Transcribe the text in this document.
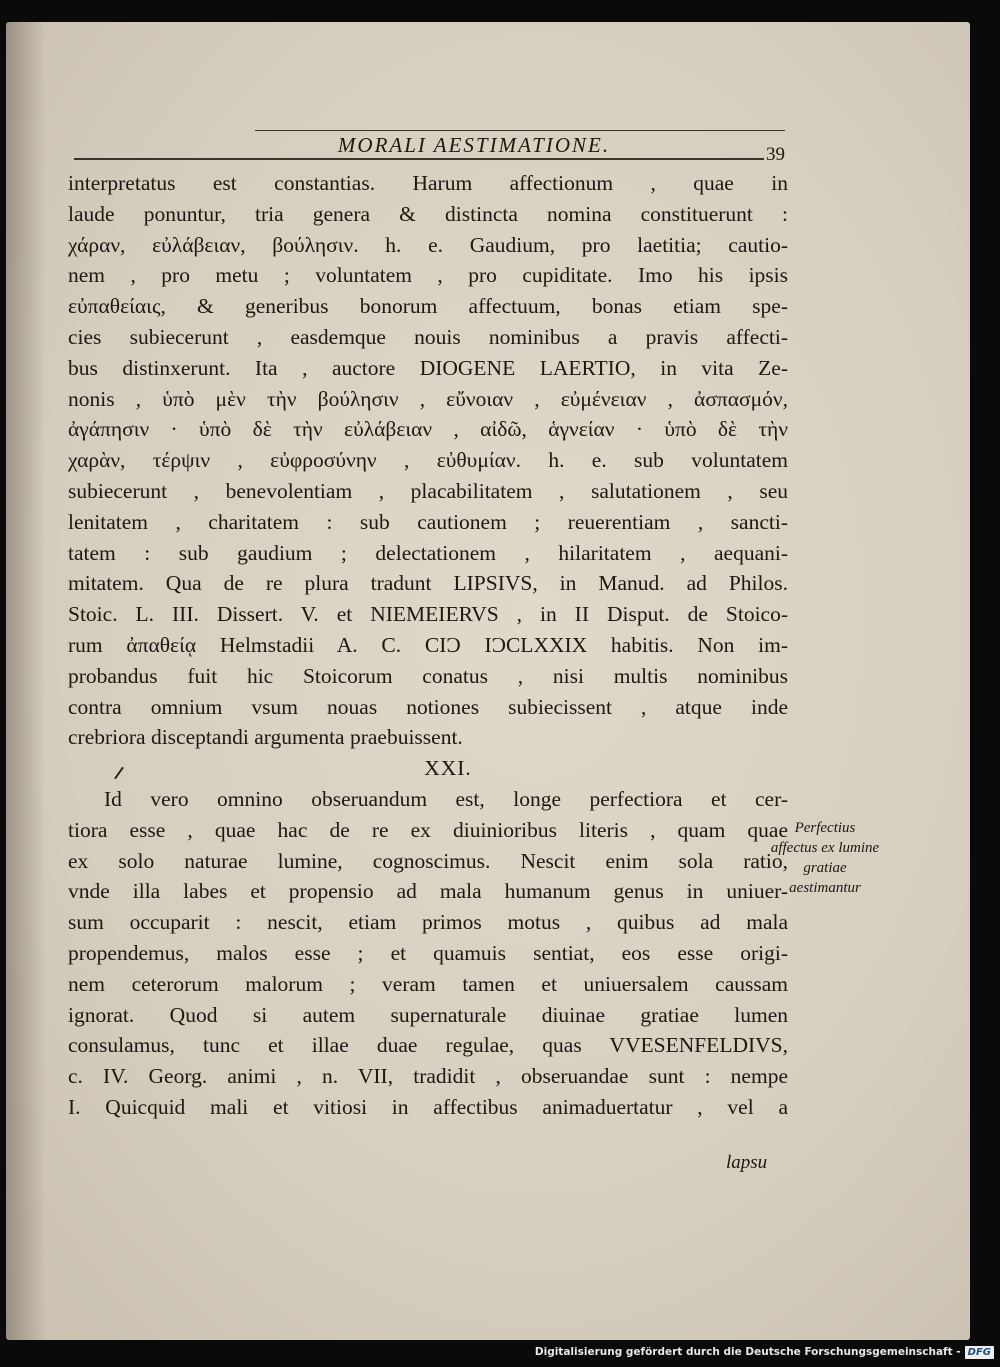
MORALI AESTIMATIONE.	39
interpretatus est constantias. Harum affectionum , quae in
laude ponuntur, tria genera & distincta nomina constituerunt :
χάραν, εὐλάβειαν, βούλησιν. h. e. Gaudium, pro laetitia; cautio-
nem , pro metu ; voluntatem , pro cupiditate. Imo his ipsis
εὐπαθείαις, & generibus bonorum affectuum, bonas etiam spe-
cies subiecerunt , easdemque nouis nominibus a pravis affecti-
bus distinxerunt. Ita , auctore DIOGENE LAERTIO, in vita Ze-
nonis , ὑπὸ μὲν τὴν βούλησιν , εὔνοιαν , εὐμένειαν , ἀσπασμόν,
ἀγάπησιν · ὑπὸ δὲ τὴν εὐλάβειαν , αἰδῶ, ἁγνείαν · ὑπὸ δὲ τὴν
χαρὰν, τέρψιν , εὐφροσύνην , εὐθυμίαν. h. e. sub voluntatem
subiecerunt , benevolentiam , placabilitatem , salutationem , seu
lenitatem , charitatem : sub cautionem ; reuerentiam , sancti-
tatem : sub gaudium ; delectationem , hilaritatem , aequani-
mitatem. Qua de re plura tradunt LIPSIVS, in Manud. ad Philos.
Stoic. L. III. Dissert. V. et NIEMEIERVS , in II Disput. de Stoico-
rum ἀπαθείᾳ Helmstadii A. C. CIƆ IƆCLXXIX habitis. Non im-
probandus fuit hic Stoicorum conatus , nisi multis nominibus
contra omnium vsum nouas notiones subiecissent , atque inde
crebriora disceptandi argumenta praebuissent.
XXI.
Id vero omnino obseruandum est, longe perfectiora et cer-
tiora esse , quae hac de re ex diuinioribus literis , quam quae
ex solo naturae lumine, cognoscimus. Nescit enim sola ratio,
vnde illa labes et propensio ad mala humanum genus in uniuer-
sum occuparit : nescit, etiam primos motus , quibus ad mala
propendemus, malos esse ; et quamuis sentiat, eos esse origi-
nem ceterorum malorum ; veram tamen et uniuersalem caussam
ignorat. Quod si autem supernaturale diuinae gratiae lumen
consulamus, tunc et illae duae regulae, quas VVESENFELDIVS,
c. IV. Georg. animi , n. VII, tradidit , obseruandae sunt : nempe
I. Quicquid mali et vitiosi in affectibus animaduertatur , vel a
Perfectius affectus ex lumine gratiae aestimantur
lapsu
Digitalisierung gefördert durch die Deutsche Forschungsgemeinschaft - DFG
